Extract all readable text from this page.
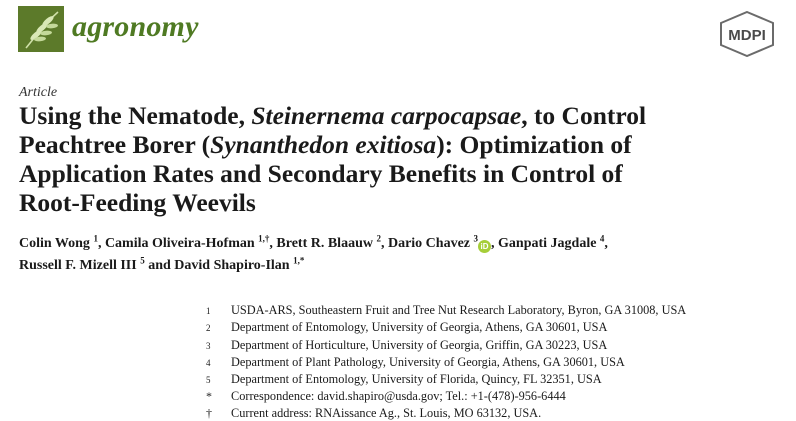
agronomy	MDPI
Article
Using the Nematode, Steinernema carpocapsae, to Control
Peachtree Borer (Synanthedon exitiosa): Optimization of
Application Rates and Secondary Benefits in Control of
Root-Feeding Weevils
Colin Wong $^1$, Camila Oliveira-Hofman $^{1,\dagger}$, Brett R. Blaauw $^2$, Dario Chavez $^3$iD , Ganpati Jagdale $^4$,
Russell F. Mizell III $^5$ and David Shapiro-Ilan $^{1,*}$
1	USDA-ARS, Southeastern Fruit and Tree Nut Research Laboratory, Byron, GA 31008, USA
2	Department of Entomology, University of Georgia, Athens, GA 30601, USA
3	Department of Horticulture, University of Georgia, Griffin, GA 30223, USA
4	Department of Plant Pathology, University of Georgia, Athens, GA 30601, USA
5	Department of Entomology, University of Florida, Quincy, FL 32351, USA
*	Correspondence: david.shapiro@usda.gov; Tel.: +1-(478)-956-6444
†	Current address: RNAissance Ag., St. Louis, MO 63132, USA.
